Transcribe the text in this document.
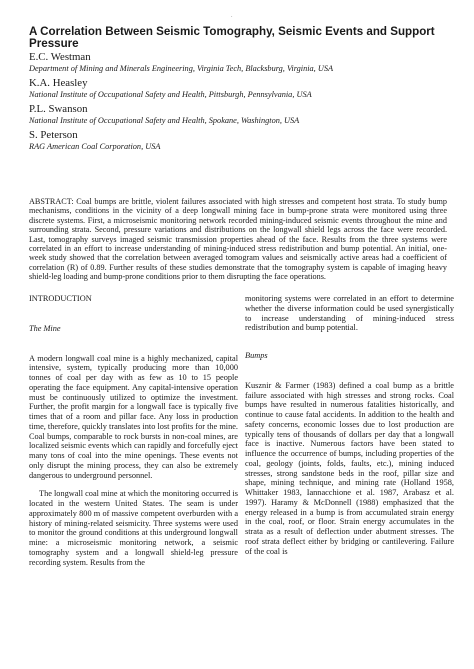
.
A Correlation Between Seismic Tomography, Seismic Events and Support Pressure

E.C. Westman
Department of Mining and Minerals Engineering, Virginia Tech, Blacksburg, Virginia, USA

K.A. Heasley
National Institute of Occupational Safety and Health, Pittsburgh, Pennsylvania, USA

P.L. Swanson
National Institute of Occupational Safety and Health, Spokane, Washington, USA

S. Peterson
RAG American Coal Corporation, USA

ABSTRACT: Coal bumps are brittle, violent failures associated with high stresses and competent host strata. To study bump mechanisms, conditions in the vicinity of a deep longwall mining face in bump-prone strata were monitored using three discrete systems. First, a microseismic monitoring network recorded mining-induced seismic events throughout the mine and surrounding strata. Second, pressure variations and distributions on the longwall shield legs across the face were recorded. Last, tomography surveys imaged seismic transmission properties ahead of the face. Results from the three systems were correlated in an effort to increase understanding of mining-induced stress redistribution and bump potential. An initial, one-week study showed that the correlation between averaged tomogram values and seismically active areas had a coefficient of correlation (R) of 0.89. Further results of these studies demonstrate that the tomography system is capable of imaging heavy shield-leg loading and bump-prone conditions prior to them disrupting the face operations.

INTRODUCTION

The Mine

A modern longwall coal mine is a highly mechanized, capital intensive, system, typically producing more than 10,000 tonnes of coal per day with as few as 10 to 15 people operating the face equipment. Any capital-intensive operation must be continuously utilized to optimize the investment. Further, the profit margin for a longwall face is typically five times that of a room and pillar face. Any loss in production time, therefore, quickly translates into lost profits for the mine. Coal bumps, comparable to rock bursts in non-coal mines, are localized seismic events which can rapidly and forcefully eject many tons of coal into the mine openings. These events not only disrupt the mining process, they can also be extremely dangerous to underground personnel.

The longwall coal mine at which the monitoring occurred is located in the western United States. The seam is under approximately 800 m of massive competent overburden with a history of mining-related seismicity. Three systems were used to monitor the ground conditions at this underground longwall mine: a microseismic monitoring network, a seismic tomography system and a longwall shield-leg pressure recording system. Results from the

monitoring systems were correlated in an effort to determine whether the diverse information could be used synergistically to increase understanding of mining-induced stress redistribution and bump potential.

Bumps

Kusznir & Farmer (1983) defined a coal bump as a brittle failure associated with high stresses and strong rocks. Coal bumps have resulted in numerous fatalities historically, and continue to cause fatal accidents. In addition to the health and safety concerns, economic losses due to lost production are typically tens of thousands of dollars per day that a longwall face is inactive. Numerous factors have been stated to influence the occurrence of bumps, including properties of the coal, geology (joints, folds, faults, etc.), mining induced stresses, strong sandstone beds in the roof, pillar size and shape, mining technique, and mining rate (Holland 1958, Whittaker 1983, Iannacchione et al. 1987, Arabasz et al. 1997). Haramy & McDonnell (1988) emphasized that the energy released in a bump is from accumulated strain energy in the coal, roof, or floor. Strain energy accumulates in the strata as a result of deflection under abutment stresses. The roof strata deflect either by bridging or cantilevering. Failure of the coal is
